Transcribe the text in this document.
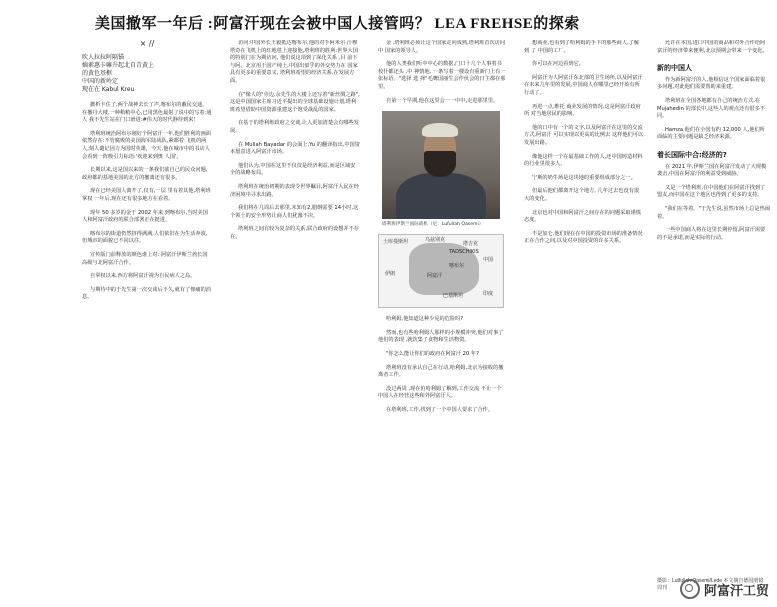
美国撤军一年后 :阿富汗现在会被中国人接管吗？ LEA FREHSE的探索
× //
吹人拉拉阿隔锚
嫡素惠卡嘛升起北自青黄上
的黄色基框
中国的新岭定
现在在 Kabul Kreu

撤析卡住了,两个战神去长了声,喀布尔的蔽民交通。在撤丹大楼,一种稍稍中心,已用黑色最射了说中的写着:通人 我不先生站在门口滑进:#伟大的时代静待到来！

塔利班统治阿布尔刚好个阿富汗一年,他们胜利的画面依然存在:不管腐败的美国海军陆战队,紧都着 飞机的两人,刻人谴记因力为国时英雄，今天,他在城市中的书店人会看到一阵吸引力标语:'欢迎来到奥 人国'。

长期以来,这是国以来的一条我们欲自己的民众问题,政府都的基地美国的北方的撤离还有很多。

现在已经美国人离开了,仅有,一层 里有着其他,塔利班掌权 一年后,现在还有很多地方在看着。

现年 50 多岁的金于 2002 年来 到喀布尔,当时美国人和阿富汗政府的联合部署正在挺进。

喀布尔的街道仍然挤得满满,人们依旧在为生活奔波,但城市的面貌已不同以往。

宣传版门前释放的颜色谁上对: 阿富汗伊斯兰酋长国高级与北阿富汗合作。

自掌权以来,西方将阿富汗视为自民病人之岛。

与期待中的于先生第一次交谈后不久,就有了惨痛的消息。

访问:中国外长王毅抵达喀布尔,他的对手阿米尔·汗穆塔奇在飞机上的红地毯上迎接他,塔利班的胜利:世界大国的特别门在为期访问, 他们说这项到了深化关系 ,目 前下与阿。北京用于国产纯土,中国出似乎的外交势力在 国家具有更多的重要意义, 塔利班希望的经济关系,在发展方面。

在"像人的"旁边,余先生的大楼上还写着"新丝绸之路",这是中国国家主席习近平提出的全球基础设施计划,塔利班希望借助中国资源重建这个饱受战乱的国家。

在基于的塔利班政府之交谈,让人更加清楚会有哪些发展。

在 Mullah Bayadar 的会面上,Yu 的翻译指出,中国资本愿意进入阿富汗市场。

他们认为,中国在这里不仅仅是经济利益,而是区域安全的战略布局。

塔利班在统治初期的表现令世界瞩目,阿富汗人民在经济困境中寻求出路。

我们将在几周后去那里,未知有2,腊纲需要 14小时,这个领土的安全形势让商人们犹豫不决。

塔利班之间有较为复杂的关系,联合政府的设想并不存在。

金 ,塔利班必须让这个国家走向成熟,塔利班首次访问中 国家的领导人。

他的人类我们听中中心的数据,门口十几个人事着书校什都还头 ,中 神情地, 一条写着一楼设有重新门上有一张标语。"选择 选 择"毛鹰国丽生会作伙会的日主都在那里。

自第一个早期,他在这里会一一中中,走进那里里。

塔利班伊斯兰国际战机（尼：Lufullah Qasemi）
土库曼斯坦	乌兹别克
塔吉克
TADSCHIKIS
中国
喀布尔
伊朗	阿富汗
巴基斯坦	印度

哈利姆,他知道这种少见的危险吗?

然而,也有些哈利姆人那样的小规模冲突,他们对事了他们的表现 ,就饮集了食物和生活物资。

"你怎么能让你们的政府在阿富汗 20 年?

塔利班没有承认自己在行动,哈利姆,北京为接收的撤离者工作。

没过两周 ,现在伯哈利姆了解到,工作交流 不止一个中国人在经营这些和外阿富汗人。

在塔利班,工作,找到了一个中国人要求了合作。

想商业,也看到了哈利姆的手下的那些商人,了解到 了 中国的工厂。

你可以在河边看到它。

阿富汗为人阿富汗东北部的卫生场所,以及阿富汗在未来几年里的发展,中国商人在哪里已经开始有所行动了。

再进一点,维托 商业发展的情况,这是阿富汗政府所 对当地居民的影响。

他的口中有一个的文字,以及阿富汗在这里的交流方式,阿富汗 可以实现以更高的比例去 这样他们可以发展出路。

像他这样一个在最基础工作的人,还中国铸造材料的行业里很多人。

宁斯的奶牛场是这块地的重要组成部分之一。

但最后他们都离开这个地方, 几年过去也没有很大的变化。

北京也对中国和阿富汗之间存在的问题采取谨慎态度。

不是加仑,他们现在在中国的投资市场的准备情况正在合作之间,以及对中国投资的许多关系。

允许在本国,进口中国的商品和对外合作给阿富汗的经济带来便利,北京预期会带来一个变化。

新的中国人

作为新阿富汗的人,他相信这个国家面临着很多问题,对此他们需要帮助来重建。

塔利班在全国各地都有自己的统治方式,在 Mujahedin 的部长中,这些人的观点还有很多不同。

Hamza 他们在全国有约 12,000 人,他们所面临的主要问题是缺乏经济来源。

着长国际中合:经济的?

在 2021 年,伊斯兰国在阿富汗发动了大规模袭击,中国在阿富汗的利益受到威胁。

又是一个塔利班,在中国他们在阿富汗找到了盟友,而中国在这个地区也得到了更多的支持。

"我们在等着。"于先生说,虽然市场上总是热闹着。

一些中国商人将在这里长期停留,阿富汗需要的不是承诺,而是实际的行动。

摄影：Lutfullah Qasemi/Lede 本文摘自德国明镜周刊	阿富汗工贸
